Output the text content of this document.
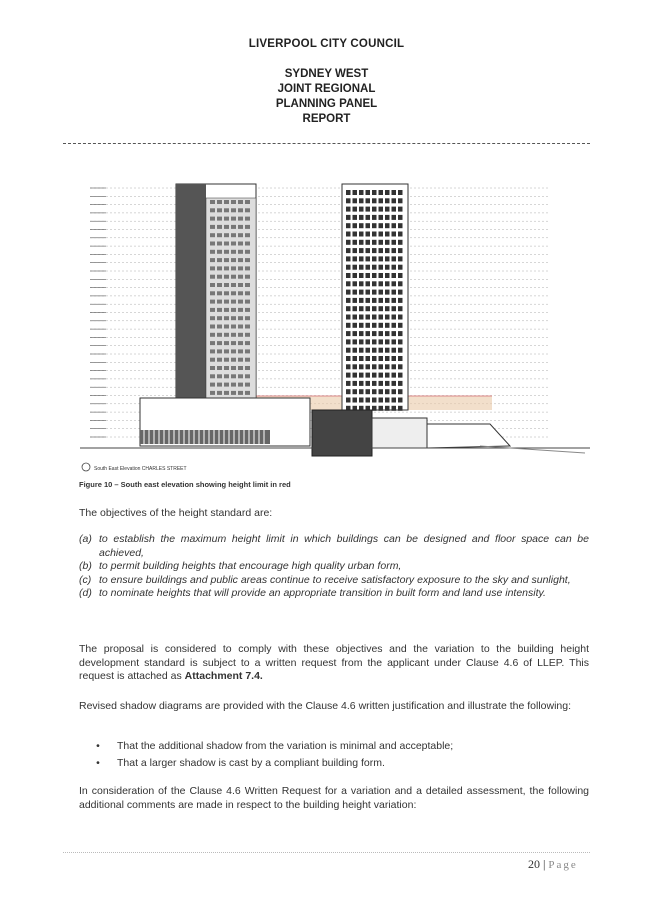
LIVERPOOL CITY COUNCIL
SYDNEY WEST
JOINT REGIONAL
PLANNING PANEL
REPORT
South East Elevation CHARLES STREET
Figure 10 – South east elevation showing height limit in red
The objectives of the height standard are:
(a) to establish the maximum height limit in which buildings can be designed and floor space can be achieved,
(b) to permit building heights that encourage high quality urban form,
(c) to ensure buildings and public areas continue to receive satisfactory exposure to the sky and sunlight,
(d) to nominate heights that will provide an appropriate transition in built form and land use intensity.
The proposal is considered to comply with these objectives and the variation to the building height development standard is subject to a written request from the applicant under Clause 4.6 of LLEP. This request is attached as Attachment 7.4.
Revised shadow diagrams are provided with the Clause 4.6 written justification and illustrate the following:
•	That the additional shadow from the variation is minimal and acceptable;
•	That a larger shadow is cast by a compliant building form.
In consideration of the Clause 4.6 Written Request for a variation and a detailed assessment, the following additional comments are made in respect to the building height variation:
20 | Page
